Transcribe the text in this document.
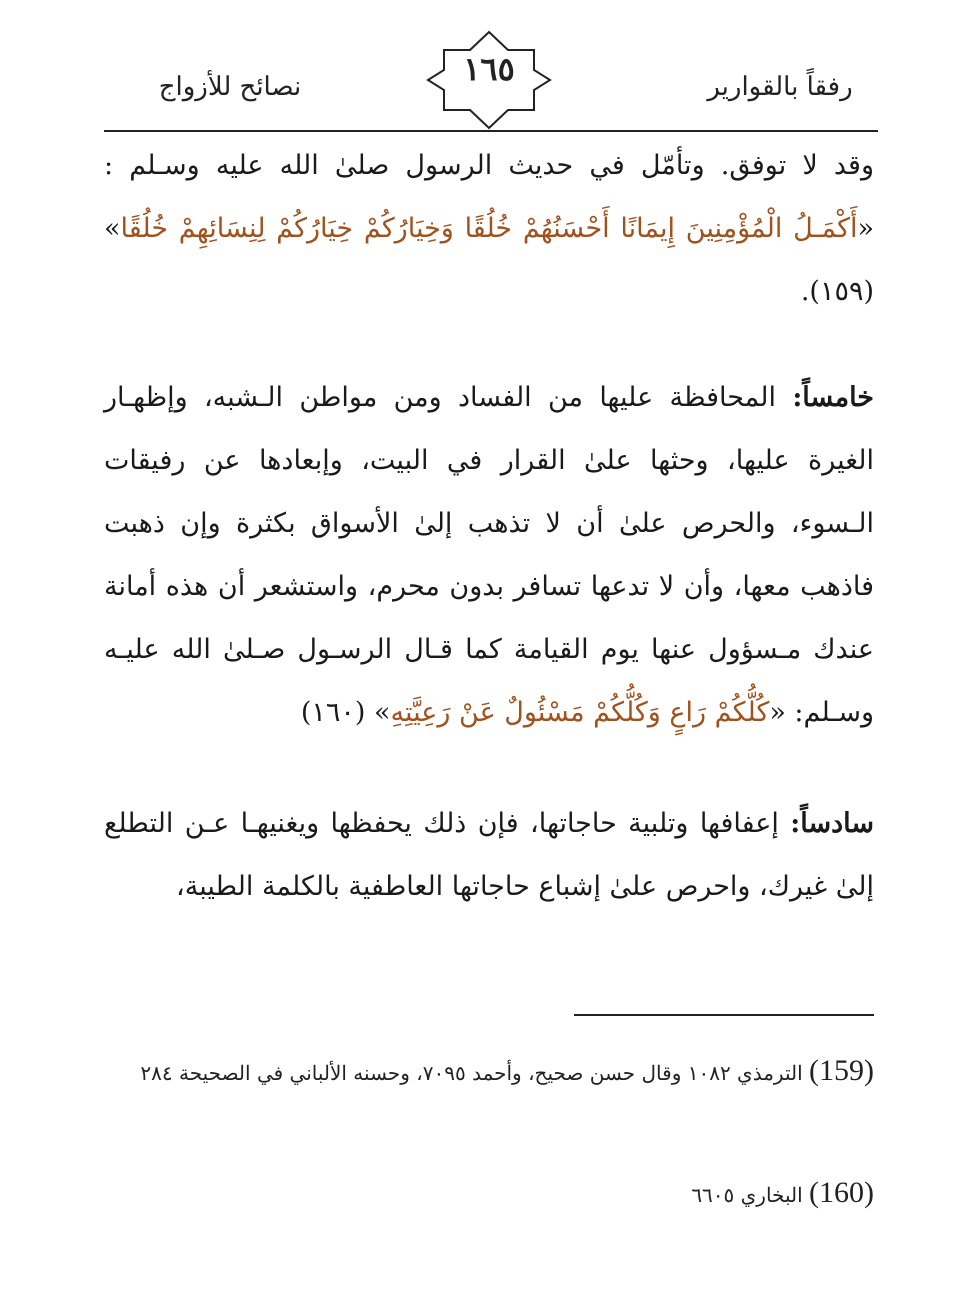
نصائح للأزواج	رفقاً بالقوارير
١٦٥
وقد لا توفق. وتأمّل في حديث الرسول صلىٰ الله عليه وسـلم : «أَكْمَـلُ الْمُؤْمِنِينَ إِيمَانًا أَحْسَنُهُمْ خُلُقًا وَخِيَارُكُمْ خِيَارُكُمْ لِنِسَائِهِمْ خُلُقًا» (١٥٩).
خامساً: المحافظة عليها من الفساد ومن مواطن الـشبه، وإظهـار الغيرة عليها، وحثها علىٰ القرار في البيت، وإبعادها عن رفيقات الـسوء، والحرص علىٰ أن لا تذهب إلىٰ الأسواق بكثرة وإن ذهبت فاذهب معها، وأن لا تدعها تسافر بدون محرم، واستشعر أن هذه أمانة عندك مـسؤول عنها يوم القيامة كما قـال الرسـول صـلىٰ الله عليـه وسـلم: «كُلُّكُمْ رَاعٍ وَكُلُّكُمْ مَسْئُولٌ عَنْ رَعِيَّتِهِ» (١٦٠)
سادساً: إعفافها وتلبية حاجاتها، فإن ذلك يحفظها ويغنيهـا عـن التطلع إلىٰ غيرك، واحرص علىٰ إشباع حاجاتها العاطفية بالكلمة الطيبة،
(159) الترمذي ١٠٨٢ وقال حسن صحيح، وأحمد ٧٠٩٥، وحسنه الألباني في الصحيحة ٢٨٤
(160) البخاري ٦٦٠٥
